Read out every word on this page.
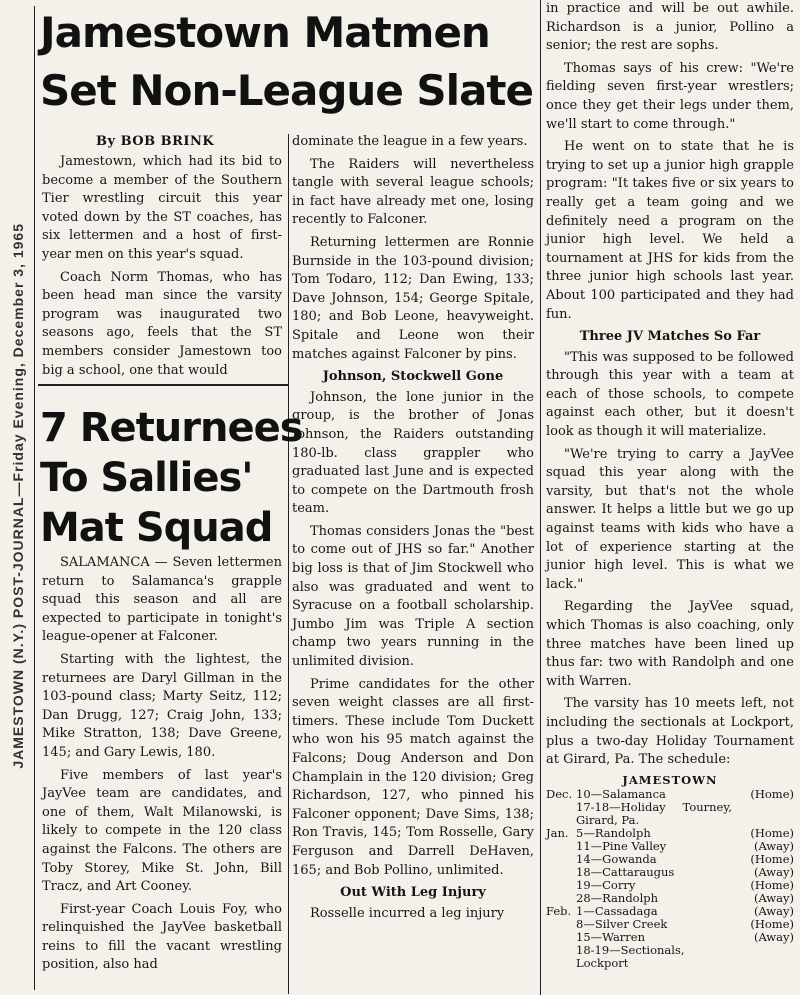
JAMESTOWN (N.Y.) POST-JOURNAL—Friday Evening, December 3, 1965
Jamestown Matmen
Set Non-League Slate
By BOB BRINK

Jamestown, which had its bid to become a member of the Southern Tier wrestling circuit this year voted down by the ST coaches, has six lettermen and a host of first-year men on this year's squad.

Coach Norm Thomas, who has been head man since the varsity program was inaugurated two seasons ago, feels that the ST members consider Jamestown too big a school, one that would

7 Returnees
To Sallies'
Mat Squad

SALAMANCA — Seven lettermen return to Salamanca's grapple squad this season and all are expected to participate in tonight's league-opener at Falconer.

Starting with the lightest, the returnees are Daryl Gillman in the 103-pound class; Marty Seitz, 112; Dan Drugg, 127; Craig John, 133; Mike Stratton, 138; Dave Greene, 145; and Gary Lewis, 180.

Five members of last year's JayVee team are candidates, and one of them, Walt Milanowski, is likely to compete in the 120 class against the Falcons. The others are Toby Storey, Mike St. John, Bill Tracz, and Art Cooney.

First-year Coach Louis Foy, who relinquished the JayVee basketball reins to fill the vacant wrestling position, also had

dominate the league in a few years.

The Raiders will nevertheless tangle with several league schools; in fact have already met one, losing recently to Falconer.

Returning lettermen are Ronnie Burnside in the 103-pound division; Tom Todaro, 112; Dan Ewing, 133; Dave Johnson, 154; George Spitale, 180; and Bob Leone, heavyweight. Spitale and Leone won their matches against Falconer by pins.

Johnson, Stockwell Gone

Johnson, the lone junior in the group, is the brother of Jonas Johnson, the Raiders outstanding 180-lb. class grappler who graduated last June and is expected to compete on the Dartmouth frosh team.

Thomas considers Jonas the "best to come out of JHS so far." Another big loss is that of Jim Stockwell who also was graduated and went to Syracuse on a football scholarship. Jumbo Jim was Triple A section champ two years running in the unlimited division.

Prime candidates for the other seven weight classes are all first-timers. These include Tom Duckett who won his 95 match against the Falcons; Doug Anderson and Don Champlain in the 120 division; Greg Richardson, 127, who pinned his Falconer opponent; Dave Sims, 138; Ron Travis, 145; Tom Rosselle, Gary Ferguson and Darrell DeHaven, 165; and Bob Pollino, unlimited.

Out With Leg Injury

Rosselle incurred a leg injury

in practice and will be out awhile. Richardson is a junior, Pollino a senior; the rest are sophs.

Thomas says of his crew: "We're fielding seven first-year wrestlers; once they get their legs under them, we'll start to come through."

He went on to state that he is trying to set up a junior high grapple program: "It takes five or six years to really get a team going and we definitely need a program on the junior high level. We held a tournament at JHS for kids from the three junior high schools last year. About 100 participated and they had fun.

Three JV Matches So Far

"This was supposed to be followed through this year with a team at each of those schools, to compete against each other, but it doesn't look as though it will materialize.

"We're trying to carry a JayVee squad this year along with the varsity, but that's not the whole answer. It helps a little but we go up against teams with kids who have a lot of experience starting at the junior high level. This is what we lack."

Regarding the JayVee squad, which Thomas is also coaching, only three matches have been lined up thus far: two with Randolph and one with Warren.

The varsity has 10 meets left, not including the sectionals at Lockport, plus a two-day Holiday Tournament at Girard, Pa. The schedule:

JAMESTOWN
Dec. 10—Salamanca	(Home)
17-18—Holiday Tourney, Girard, Pa.
Jan. 5—Randolph	(Home)
11—Pine Valley	(Away)
14—Gowanda	(Home)
18—Cattaraugus	(Away)
19—Corry	(Home)
28—Randolph	(Away)
Feb. 1—Cassadaga	(Away)
8—Silver Creek	(Home)
15—Warren	(Away)
18-19—Sectionals, Lockport
